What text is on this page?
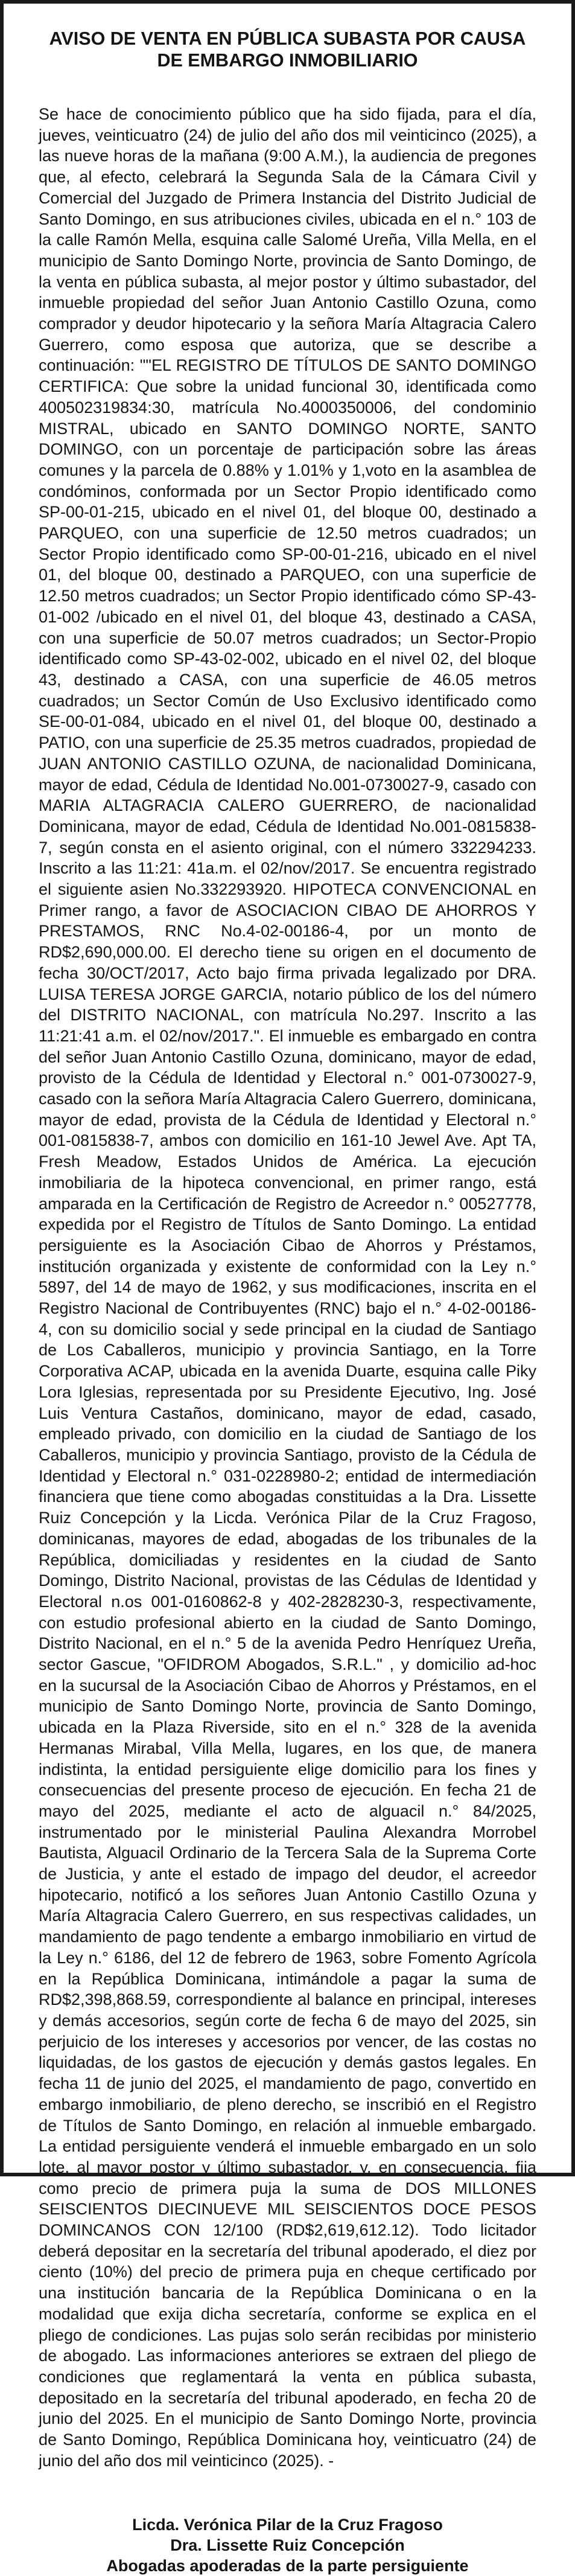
AVISO DE VENTA EN PÚBLICA SUBASTA POR CAUSA
DE EMBARGO INMOBILIARIO

Se hace de conocimiento público que ha sido fijada, para el día, jueves, veinticuatro (24) de julio del año dos mil veinticinco (2025), a las nueve horas de la mañana (9:00 A.M.), la audiencia de pregones que, al efecto, celebrará la Segunda Sala de la Cámara Civil y Comercial del Juzgado de Primera Instancia del Distrito Judicial de Santo Domingo, en sus atribuciones civiles, ubicada en el n.° 103 de la calle Ramón Mella, esquina calle Salomé Ureña, Villa Mella, en el municipio de Santo Domingo Norte, provincia de Santo Domingo, de la venta en pública subasta, al mejor postor y último subastador, del inmueble propiedad del señor Juan Antonio Castillo Ozuna, como comprador y deudor hipotecario y la señora María Altagracia Calero Guerrero, como esposa que autoriza, que se describe a continuación: ""EL REGISTRO DE TÍTULOS DE SANTO DOMINGO CERTIFICA: Que sobre la unidad funcional 30, identificada como 400502319834:30, matrícula No.4000350006, del condominio MISTRAL, ubicado en SANTO DOMINGO NORTE, SANTO DOMINGO, con un porcentaje de participación sobre las áreas comunes y la parcela de 0.88% y 1.01% y 1,voto en la asamblea de condóminos, conformada por un Sector Propio identificado como SP-00-01-215, ubicado en el nivel 01, del bloque 00, destinado a PARQUEO, con una superficie de 12.50 metros cuadrados; un Sector Propio identificado como SP-00-01-216, ubicado en el nivel 01, del bloque 00, destinado a PARQUEO, con una superficie de 12.50 metros cuadrados; un Sector Propio identificado cómo SP-43-01-002 /ubicado en el nivel 01, del bloque 43, destinado a CASA, con una superficie de 50.07 metros cuadrados; un Sector-Propio identificado como SP-43-02-002, ubicado en el nivel 02, del bloque 43, destinado a CASA, con una superficie de 46.05 metros cuadrados; un Sector Común de Uso Exclusivo identificado como SE-00-01-084, ubicado en el nivel 01, del bloque 00, destinado a PATIO, con una superficie de 25.35 metros cuadrados, propiedad de JUAN ANTONIO CASTILLO OZUNA, de nacionalidad Dominicana, mayor de edad, Cédula de Identidad No.001-0730027-9, casado con MARIA ALTAGRACIA CALERO GUERRERO, de nacionalidad Dominicana, mayor de edad, Cédula de Identidad No.001-0815838-7, según consta en el asiento original, con el número 332294233. Inscrito a las 11:21: 41a.m. el 02/nov/2017. Se encuentra registrado el siguiente asien No.332293920. HIPOTECA CONVENCIONAL en Primer rango, a favor de ASOCIACION CIBAO DE AHORROS Y PRESTAMOS, RNC No.4-02-00186-4, por un monto de RD$2,690,000.00. El derecho tiene su origen en el documento de fecha 30/OCT/2017, Acto bajo firma privada legalizado por DRA. LUISA TERESA JORGE GARCIA, notario público de los del número del DISTRITO NACIONAL, con matrícula No.297. Inscrito a las 11:21:41 a.m. el 02/nov/2017.". El inmueble es embargado en contra del señor Juan Antonio Castillo Ozuna, dominicano, mayor de edad, provisto de la Cédula de Identidad y Electoral n.° 001-0730027-9, casado con la señora María Altagracia Calero Guerrero, dominicana, mayor de edad, provista de la Cédula de Identidad y Electoral n.° 001-0815838-7, ambos con domicilio en 161-10 Jewel Ave. Apt TA, Fresh Meadow, Estados Unidos de América. La ejecución inmobiliaria de la hipoteca convencional, en primer rango, está amparada en la Certificación de Registro de Acreedor n.° 00527778, expedida por el Registro de Títulos de Santo Domingo. La entidad persiguiente es la Asociación Cibao de Ahorros y Préstamos, institución organizada y existente de conformidad con la Ley n.° 5897, del 14 de mayo de 1962, y sus modificaciones, inscrita en el Registro Nacional de Contribuyentes (RNC) bajo el n.° 4-02-00186-4, con su domicilio social y sede principal en la ciudad de Santiago de Los Caballeros, municipio y provincia Santiago, en la Torre Corporativa ACAP, ubicada en la avenida Duarte, esquina calle Piky Lora Iglesias, representada por su Presidente Ejecutivo, Ing. José Luis Ventura Castaños, dominicano, mayor de edad, casado, empleado privado, con domicilio en la ciudad de Santiago de los Caballeros, municipio y provincia Santiago, provisto de la Cédula de Identidad y Electoral n.° 031-0228980-2; entidad de intermediación financiera que tiene como abogadas constituidas a la Dra. Lissette Ruiz Concepción y la Licda. Verónica Pilar de la Cruz Fragoso, dominicanas, mayores de edad, abogadas de los tribunales de la República, domiciliadas y residentes en la ciudad de Santo Domingo, Distrito Nacional, provistas de las Cédulas de Identidad y Electoral n.os 001-0160862-8 y 402-2828230-3, respectivamente, con estudio profesional abierto en la ciudad de Santo Domingo, Distrito Nacional, en el n.° 5 de la avenida Pedro Henríquez Ureña, sector Gascue, "OFIDROM Abogados, S.R.L." , y domicilio ad-hoc en la sucursal de la Asociación Cibao de Ahorros y Préstamos, en el municipio de Santo Domingo Norte, provincia de Santo Domingo, ubicada en la Plaza Riverside, sito en el n.° 328 de la avenida Hermanas Mirabal, Villa Mella, lugares, en los que, de manera indistinta, la entidad persiguiente elige domicilio para los fines y consecuencias del presente proceso de ejecución. En fecha 21 de mayo del 2025, mediante el acto de alguacil n.° 84/2025, instrumentado por le ministerial Paulina Alexandra Morrobel Bautista, Alguacil Ordinario de la Tercera Sala de la Suprema Corte de Justicia, y ante el estado de impago del deudor, el acreedor hipotecario, notificó a los señores Juan Antonio Castillo Ozuna y María Altagracia Calero Guerrero, en sus respectivas calidades, un mandamiento de pago tendente a embargo inmobiliario en virtud de la Ley n.° 6186, del 12 de febrero de 1963, sobre Fomento Agrícola en la República Dominicana, intimándole a pagar la suma de RD$2,398,868.59, correspondiente al balance en principal, intereses y demás accesorios, según corte de fecha 6 de mayo del 2025, sin perjuicio de los intereses y accesorios por vencer, de las costas no liquidadas, de los gastos de ejecución y demás gastos legales. En fecha 11 de junio del 2025, el mandamiento de pago, convertido en embargo inmobiliario, de pleno derecho, se inscribió en el Registro de Títulos de Santo Domingo, en relación al inmueble embargado. La entidad persiguiente venderá el inmueble embargado en un solo lote, al mayor postor y último subastador, y, en consecuencia, fija como precio de primera puja la suma de DOS MILLONES SEISCIENTOS DIECINUEVE MIL SEISCIENTOS DOCE PESOS DOMINCANOS CON 12/100 (RD$2,619,612.12). Todo licitador deberá depositar en la secretaría del tribunal apoderado, el diez por ciento (10%) del precio de primera puja en cheque certificado por una institución bancaria de la República Dominicana o en la modalidad que exija dicha secretaría, conforme se explica en el pliego de condiciones. Las pujas solo serán recibidas por ministerio de abogado. Las informaciones anteriores se extraen del pliego de condiciones que reglamentará la venta en pública subasta, depositado en la secretaría del tribunal apoderado, en fecha 20 de junio del 2025. En el municipio de Santo Domingo Norte, provincia de Santo Domingo, República Dominicana hoy, veinticuatro (24) de junio del año dos mil veinticinco (2025). -

Licda. Verónica Pilar de la Cruz Fragoso
Dra. Lissette Ruiz Concepción
Abogadas apoderadas de la parte persiguiente
